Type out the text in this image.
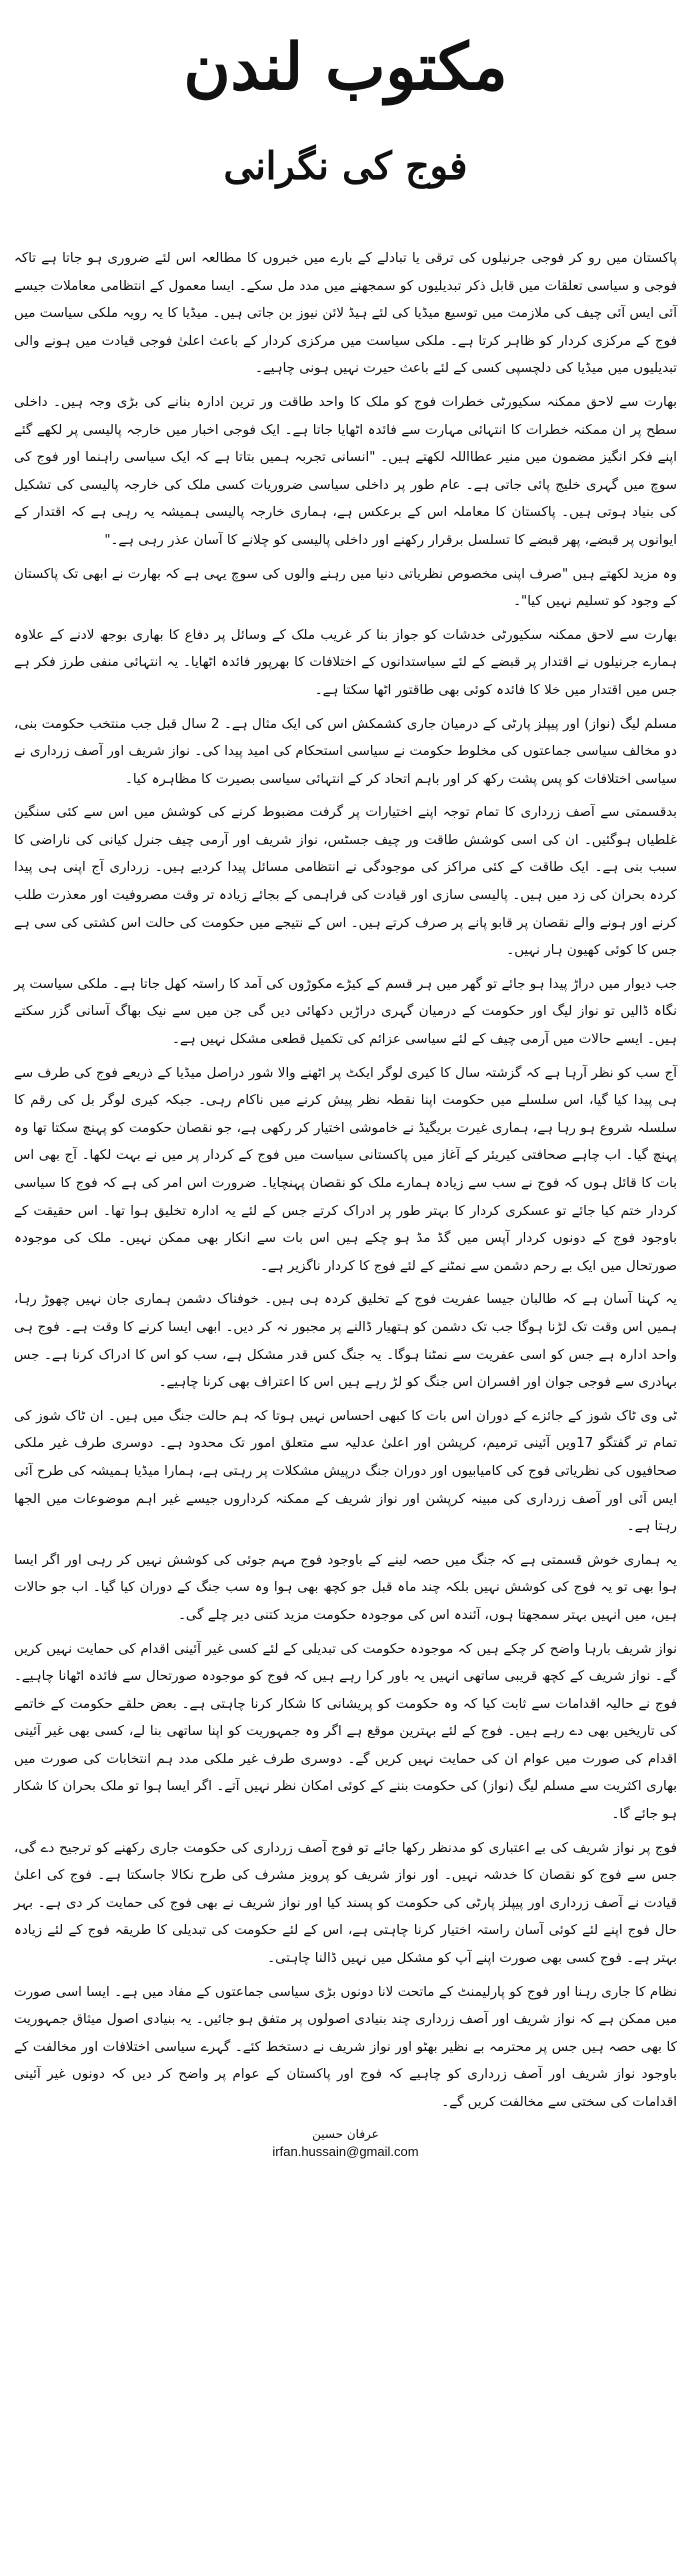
مکتوب لندن
فوج کی نگرانی

پاکستان میں رو کر فوجی جرنیلوں کی ترقی یا تبادلے کے بارے میں خبروں کا مطالعہ اس لئے ضروری ہو جاتا ہے تاکہ فوجی و سیاسی تعلقات میں قابل ذکر تبدیلیوں کو سمجھنے میں مدد مل سکے۔ ایسا معمول کے انتظامی معاملات جیسے آئی ایس آئی چیف کی ملازمت میں توسیع میڈیا کی لئے ہیڈ لائن نیوز بن جاتی ہیں۔ میڈیا کا یہ رویہ ملکی سیاست میں فوج کے مرکزی کردار کو ظاہر کرتا ہے۔ ملکی سیاست میں مرکزی کردار کے باعث اعلیٰ فوجی قیادت میں ہونے والی تبدیلیوں میں میڈیا کی دلچسپی کسی کے لئے باعث حیرت نہیں ہونی چاہیے۔

بھارت سے لاحق ممکنہ سکیورٹی خطرات فوج کو ملک کا واحد طاقت ور ترین ادارہ بنانے کی بڑی وجہ ہیں۔ داخلی سطح پر ان ممکنہ خطرات کا انتہائی مہارت سے فائدہ اٹھایا جاتا ہے۔ ایک فوجی اخبار میں خارجہ پالیسی پر لکھے گئے اپنے فکر انگیز مضمون میں منیر عطااللہ لکھتے ہیں۔ "انسانی تجربہ ہمیں بتاتا ہے کہ ایک سیاسی راہنما اور فوج کی سوچ میں گہری خلیج پائی جاتی ہے۔ عام طور پر داخلی سیاسی ضروریات کسی ملک کی خارجہ پالیسی کی تشکیل کی بنیاد ہوتی ہیں۔ پاکستان کا معاملہ اس کے برعکس ہے، ہماری خارجہ پالیسی ہمیشہ یہ رہی ہے کہ اقتدار کے ایوانوں پر قبضے، پھر قبضے کا تسلسل برقرار رکھنے اور داخلی پالیسی کو چلانے کا آسان عذر رہی ہے۔"

وہ مزید لکھتے ہیں "صرف اپنی مخصوص نظریاتی دنیا میں رہنے والوں کی سوچ یہی ہے کہ بھارت نے ابھی تک پاکستان کے وجود کو تسلیم نہیں کیا"۔

بھارت سے لاحق ممکنہ سکیورٹی خدشات کو جواز بنا کر غریب ملک کے وسائل پر دفاع کا بھاری بوجھ لادنے کے علاوہ ہمارے جرنیلوں نے اقتدار پر قبضے کے لئے سیاستدانوں کے اختلافات کا بھرپور فائدہ اٹھایا۔ یہ انتہائی منفی طرز فکر ہے جس میں اقتدار میں خلا کا فائدہ کوئی بھی طاقتور اٹھا سکتا ہے۔

مسلم لیگ (نواز) اور پیپلز پارٹی کے درمیان جاری کشمکش اس کی ایک مثال ہے۔ 2 سال قبل جب منتخب حکومت بنی، دو مخالف سیاسی جماعتوں کی مخلوط حکومت نے سیاسی استحکام کی امید پیدا کی۔ نواز شریف اور آصف زرداری نے سیاسی اختلافات کو پس پشت رکھ کر اور باہم اتحاد کر کے انتہائی سیاسی بصیرت کا مظاہرہ کیا۔

بدقسمتی سے آصف زرداری کا تمام توجہ اپنے اختیارات پر گرفت مضبوط کرنے کی کوشش میں اس سے کئی سنگین غلطیاں ہوگئیں۔ ان کی اسی کوشش طاقت ور چیف جسٹس، نواز شریف اور آرمی چیف جنرل کیانی کی ناراضی کا سبب بنی ہے۔ ایک طاقت کے کئی مراکز کی موجودگی نے انتظامی مسائل پیدا کردیے ہیں۔ زرداری آج اپنی ہی پیدا کردہ بحران کی زد میں ہیں۔ پالیسی سازی اور قیادت کی فراہمی کے بجائے زیادہ تر وقت مصروفیت اور معذرت طلب کرنے اور ہونے والے نقصان پر قابو پانے پر صرف کرتے ہیں۔ اس کے نتیجے میں حکومت کی حالت اس کشتی کی سی ہے جس کا کوئی کھیون ہار نہیں۔

جب دیوار میں دراڑ پیدا ہو جائے تو گھر میں ہر قسم کے کیڑے مکوڑوں کی آمد کا راستہ کھل جاتا ہے۔ ملکی سیاست پر نگاہ ڈالیں تو نواز لیگ اور حکومت کے درمیان گہری دراڑیں دکھائی دیں گی جن میں سے نیک بھاگ آسانی گزر سکتے ہیں۔ ایسے حالات میں آرمی چیف کے لئے سیاسی عزائم کی تکمیل قطعی مشکل نہیں ہے۔

آج سب کو نظر آرہا ہے کہ گزشتہ سال کا کیری لوگر ایکٹ پر اٹھنے والا شور دراصل میڈیا کے ذریعے فوج کی طرف سے ہی پیدا کیا گیا، اس سلسلے میں حکومت اپنا نقطہ نظر پیش کرنے میں ناکام رہی۔ جبکہ کیری لوگر بل کی رقم کا سلسلہ شروع ہو رہا ہے، ہماری غیرت بریگیڈ نے خاموشی اختیار کر رکھی ہے، جو نقصان حکومت کو پہنچ سکتا تھا وہ پہنچ گیا۔ اب چاہے صحافتی کیریئر کے آغاز میں پاکستانی سیاست میں فوج کے کردار پر میں نے بہت لکھا۔ آج بھی اس بات کا قائل ہوں کہ فوج نے سب سے زیادہ ہمارے ملک کو نقصان پہنچایا۔ ضرورت اس امر کی ہے کہ فوج کا سیاسی کردار ختم کیا جائے تو عسکری کردار کا بہتر طور پر ادراک کرتے جس کے لئے یہ ادارہ تخلیق ہوا تھا۔ اس حقیقت کے باوجود فوج کے دونوں کردار آپس میں گڈ مڈ ہو چکے ہیں اس بات سے انکار بھی ممکن نہیں۔ ملک کی موجودہ صورتحال میں ایک بے رحم دشمن سے نمٹنے کے لئے فوج کا کردار ناگزیر ہے۔

یہ کہنا آسان ہے کہ طالبان جیسا عفریت فوج کے تخلیق کردہ ہی ہیں۔ خوفناک دشمن ہماری جان نہیں چھوڑ رہا، ہمیں اس وقت تک لڑنا ہوگا جب تک دشمن کو ہتھیار ڈالنے پر مجبور نہ کر دیں۔ ابھی ایسا کرنے کا وقت ہے۔ فوج ہی واحد ادارہ ہے جس کو اسی عفریت سے نمٹنا ہوگا۔ یہ جنگ کس قدر مشکل ہے، سب کو اس کا ادراک کرنا ہے۔ جس بہادری سے فوجی جوان اور افسران اس جنگ کو لڑ رہے ہیں اس کا اعتراف بھی کرنا چاہیے۔

ٹی وی ٹاک شوز کے جائزے کے دوران اس بات کا کبھی احساس نہیں ہوتا کہ ہم حالت جنگ میں ہیں۔ ان ٹاک شوز کی تمام تر گفتگو 17ویں آئینی ترمیم، کرپشن اور اعلیٰ عدلیہ سے متعلق امور تک محدود ہے۔ دوسری طرف غیر ملکی صحافیوں کی نظریاتی فوج کی کامیابیوں اور دوران جنگ درپیش مشکلات پر رہتی ہے، ہمارا میڈیا ہمیشہ کی طرح آئی ایس آئی اور آصف زرداری کی مبینہ کرپشن اور نواز شریف کے ممکنہ کرداروں جیسے غیر اہم موضوعات میں الجھا رہتا ہے۔

یہ ہماری خوش قسمتی ہے کہ جنگ میں حصہ لینے کے باوجود فوج مہم جوئی کی کوشش نہیں کر رہی اور اگر ایسا ہوا بھی تو یہ فوج کی کوشش نہیں بلکہ چند ماہ قبل جو کچھ بھی ہوا وہ سب جنگ کے دوران کیا گیا۔ اب جو حالات ہیں، میں انہیں بہتر سمجھتا ہوں، آئندہ اس کی موجودہ حکومت مزید کتنی دیر چلے گی۔

نواز شریف بارہا واضح کر چکے ہیں کہ موجودہ حکومت کی تبدیلی کے لئے کسی غیر آئینی اقدام کی حمایت نہیں کریں گے۔ نواز شریف کے کچھ قریبی ساتھی انہیں یہ باور کرا رہے ہیں کہ فوج کو موجودہ صورتحال سے فائدہ اٹھانا چاہیے۔ فوج نے حالیہ اقدامات سے ثابت کیا کہ وہ حکومت کو پریشانی کا شکار کرنا چاہتی ہے۔ بعض حلقے حکومت کے خاتمے کی تاریخیں بھی دے رہے ہیں۔ فوج کے لئے بہترین موقع ہے اگر وہ جمہوریت کو اپنا ساتھی بنا لے، کسی بھی غیر آئینی اقدام کی صورت میں عوام ان کی حمایت نہیں کریں گے۔ دوسری طرف غیر ملکی مدد ہم انتخابات کی صورت میں بھاری اکثریت سے مسلم لیگ (نواز) کی حکومت بننے کے کوئی امکان نظر نہیں آتے۔ اگر ایسا ہوا تو ملک بحران کا شکار ہو جائے گا۔

فوج پر نواز شریف کی بے اعتباری کو مدنظر رکھا جائے تو فوج آصف زرداری کی حکومت جاری رکھنے کو ترجیح دے گی، جس سے فوج کو نقصان کا خدشہ نہیں۔ اور نواز شریف کو پرویز مشرف کی طرح نکالا جاسکتا ہے۔ فوج کی اعلیٰ قیادت نے آصف زرداری اور پیپلز پارٹی کی حکومت کو پسند کیا اور نواز شریف نے بھی فوج کی حمایت کر دی ہے۔ بہر حال فوج اپنے لئے کوئی آسان راستہ اختیار کرنا چاہتی ہے، اس کے لئے حکومت کی تبدیلی کا طریقہ فوج کے لئے زیادہ بہتر ہے۔ فوج کسی بھی صورت اپنے آپ کو مشکل میں نہیں ڈالنا چاہتی۔

نظام کا جاری رہنا اور فوج کو پارلیمنٹ کے ماتحت لانا دونوں بڑی سیاسی جماعتوں کے مفاد میں ہے۔ ایسا اسی صورت میں ممکن ہے کہ نواز شریف اور آصف زرداری چند بنیادی اصولوں پر متفق ہو جائیں۔ یہ بنیادی اصول میثاق جمہوریت کا بھی حصہ ہیں جس پر محترمہ بے نظیر بھٹو اور نواز شریف نے دستخط کئے۔ گہرے سیاسی اختلافات اور مخالفت کے باوجود نواز شریف اور آصف زرداری کو چاہیے کہ فوج اور پاکستان کے عوام پر واضح کر دیں کہ دونوں غیر آئینی اقدامات کی سختی سے مخالفت کریں گے۔

عرفان حسین
irfan.hussain@gmail.com
